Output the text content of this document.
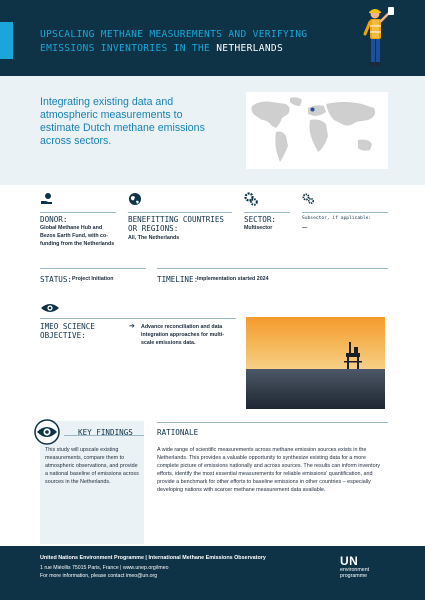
UPSCALING METHANE MEASUREMENTS AND VERIFYING EMISSIONS INVENTORIES IN THE NETHERLANDS

Integrating existing data and atmospheric measurements to estimate Dutch methane emissions across sectors.

DONOR:
Global Methane Hub and Bezos Earth Fund, with co-funding from the Netherlands
BENEFITTING COUNTRIES OR REGIONS:
All, The Netherlands
SECTOR:
Multisector
Subsector, if applicable:
—
STATUS: Project Initiation	TIMELINE:
Implementation started 2024
IMEO SCIENCE OBJECTIVE:
➔ Advance reconciliation and data integration approaches for multi-scale emissions data.
KEY FINDINGS

This study will upscale existing measurements, compare them to atmospheric observations, and provide a national baseline of emissions across sources in the Netherlands.

RATIONALE

A wide range of scientific measurements across methane emission sources exists in the Netherlands. This provides a valuable opportunity to synthesize existing data for a more complete picture of emissions nationally and across sources. The results can inform inventory efforts, identify the most essential measurements for reliable emissions' quantification, and provide a benchmark for other efforts to baseline emissions in other countries – especially developing nations with scarcer methane measurement data available.

United Nations Environment Programme | International Methane Emissions Observatory
1 rue Miéollis 75015 Paris, France | www.unep.org/imeo
For more information, please contact imeo@un.org
UN
environment
programme
